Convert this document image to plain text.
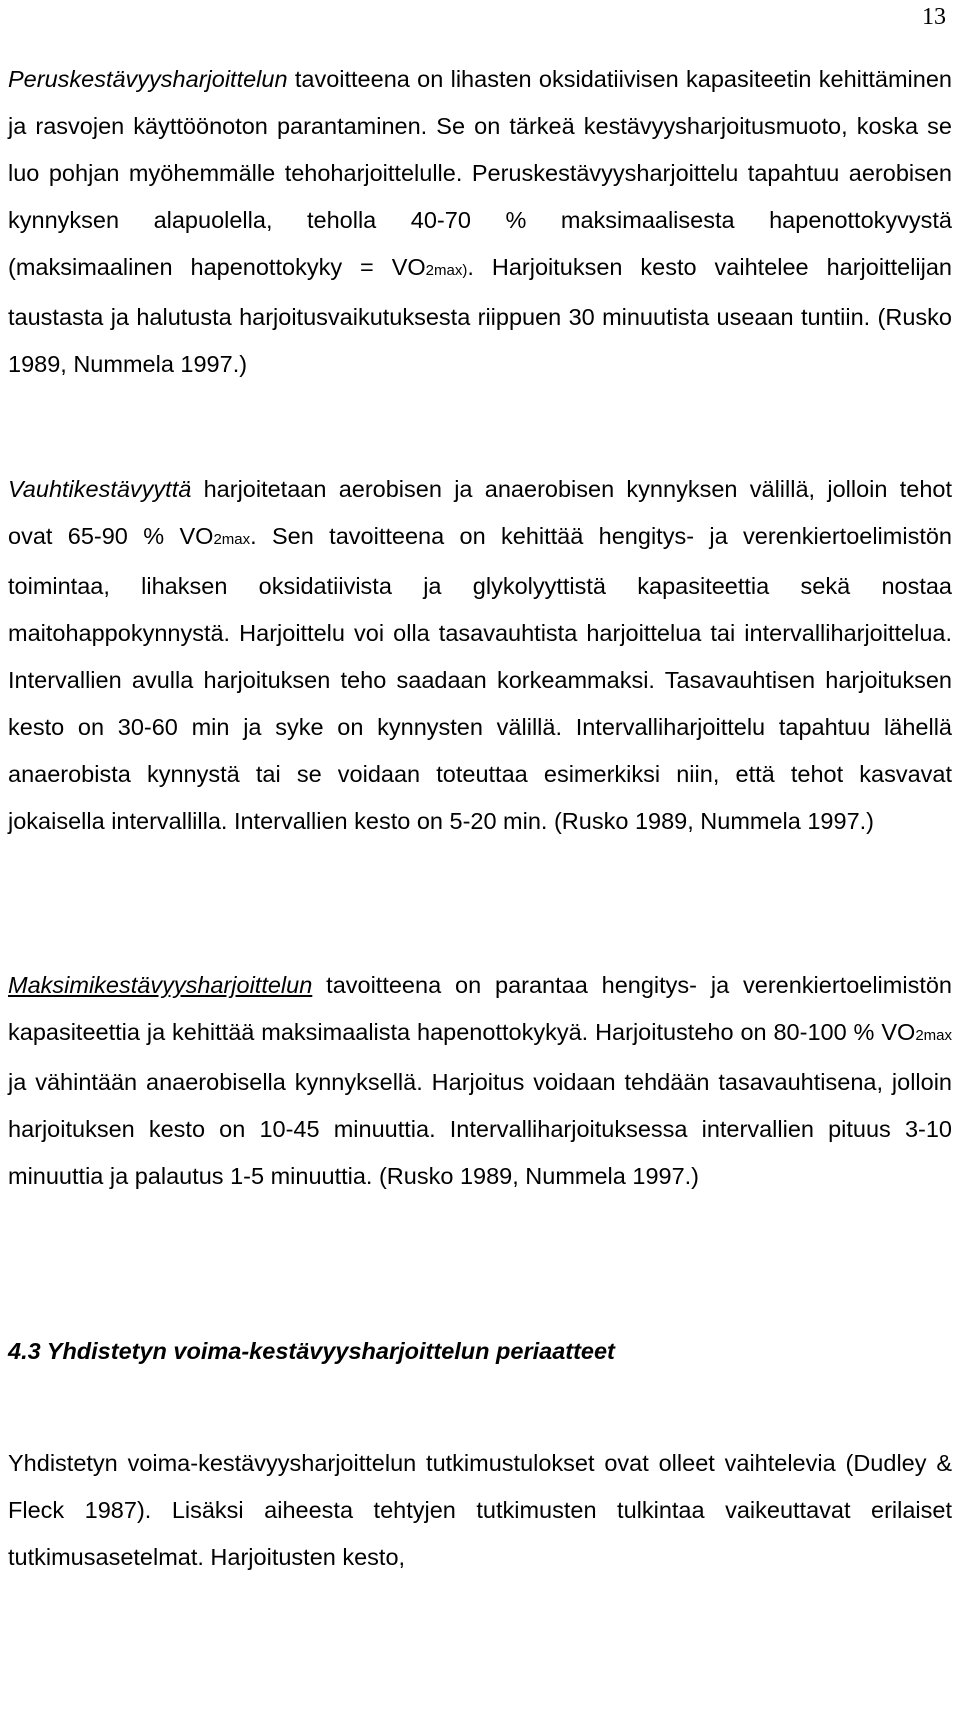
13

Peruskestävyysharjoittelun tavoitteena on lihasten oksidatiivisen kapasiteetin kehittäminen ja rasvojen käyttöönoton parantaminen. Se on tärkeä kestävyysharjoitusmuoto, koska se luo pohjan myöhemmälle tehoharjoittelulle. Peruskestävyysharjoittelu tapahtuu aerobisen kynnyksen alapuolella, teholla 40-70 % maksimaalisesta hapenottokyvystä (maksimaalinen hapenottokyky = VO2max). Harjoituksen kesto vaihtelee harjoittelijan taustasta ja halutusta harjoitusvaikutuksesta riippuen 30 minuutista useaan tuntiin. (Rusko 1989, Nummela 1997.)

Vauhtikestävyyttä harjoitetaan aerobisen ja anaerobisen kynnyksen välillä, jolloin tehot ovat 65-90 % VO2max. Sen tavoitteena on kehittää hengitys- ja verenkiertoelimistön toimintaa, lihaksen oksidatiivista ja glykolyyttistä kapasiteettia sekä nostaa maitohappokynnystä. Harjoittelu voi olla tasavauhtista harjoittelua tai intervalliharjoittelua. Intervallien avulla harjoituksen teho saadaan korkeammaksi. Tasavauhtisen harjoituksen kesto on 30-60 min ja syke on kynnysten välillä. Intervalliharjoittelu tapahtuu lähellä anaerobista kynnystä tai se voidaan toteuttaa esimerkiksi niin, että tehot kasvavat jokaisella intervallilla. Intervallien kesto on 5-20 min. (Rusko 1989, Nummela 1997.)

Maksimikestävyysharjoittelun tavoitteena on parantaa hengitys- ja verenkiertoelimistön kapasiteettia ja kehittää maksimaalista hapenottokykyä. Harjoitusteho on 80-100 % VO2max ja vähintään anaerobisella kynnyksellä. Harjoitus voidaan tehdään tasavauhtisena, jolloin harjoituksen kesto on 10-45 minuuttia. Intervalliharjoituksessa intervallien pituus 3-10 minuuttia ja palautus 1-5 minuuttia. (Rusko 1989, Nummela 1997.)

4.3 Yhdistetyn voima-kestävyysharjoittelun periaatteet

Yhdistetyn voima-kestävyysharjoittelun tutkimustulokset ovat olleet vaihtelevia (Dudley & Fleck 1987). Lisäksi aiheesta tehtyjen tutkimusten tulkintaa vaikeuttavat erilaiset tutkimusasetelmat. Harjoitusten kesto,
